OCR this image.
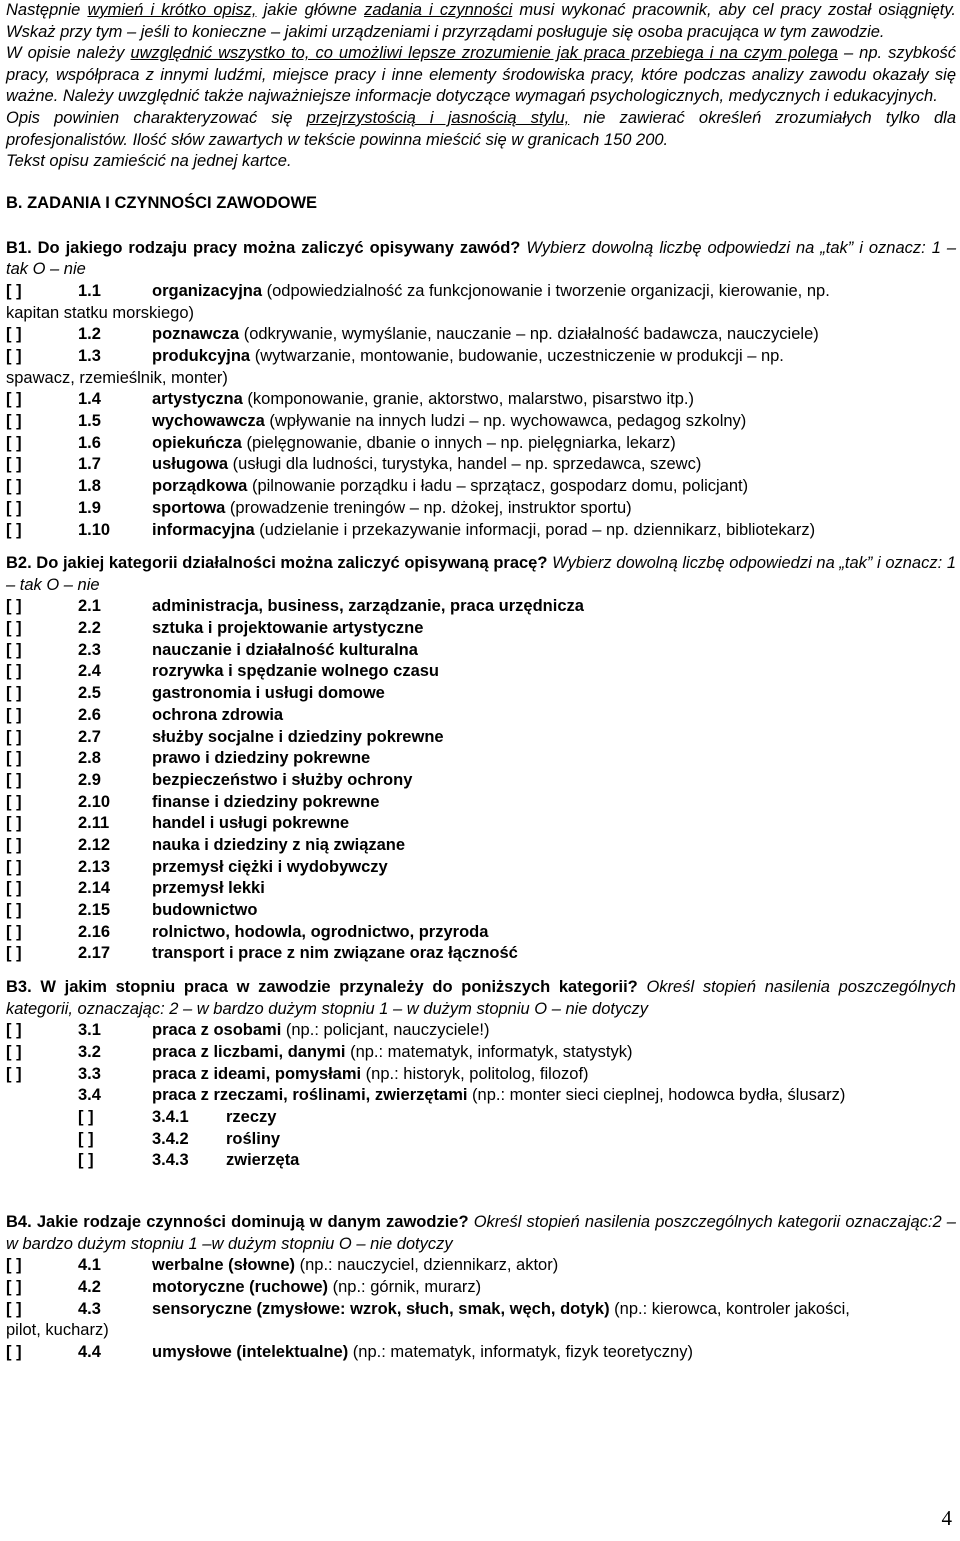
Następnie wymień i krótko opisz, jakie główne zadania i czynności musi wykonać pracownik, aby cel pracy został osiągnięty. Wskaż przy tym – jeśli to konieczne – jakimi urządzeniami i przyrządami posługuje się osoba pracująca w tym zawodzie.

W opisie należy uwzględnić wszystko to, co umożliwi lepsze zrozumienie jak praca przebiega i na czym polega – np. szybkość pracy, współpraca z innymi ludźmi, miejsce pracy i inne elementy środowiska pracy, które podczas analizy zawodu okazały się ważne. Należy uwzględnić także najważniejsze informacje dotyczące wymagań psychologicznych, medycznych i edukacyjnych.

Opis powinien charakteryzować się przejrzystością i jasnością stylu, nie zawierać określeń zrozumiałych tylko dla profesjonalistów. Ilość słów zawartych w tekście powinna mieścić się w granicach 150 200.

Tekst opisu zamieścić na jednej kartce.

B. ZADANIA I CZYNNOŚCI ZAWODOWE

B1. Do jakiego rodzaju pracy można zaliczyć opisywany zawód? Wybierz dowolną liczbę odpowiedzi na „tak” i oznacz: 1 – tak O – nie

[ ]	1.1	organizacyjna (odpowiedzialność za funkcjonowanie i tworzenie organizacji, kierowanie, np.
kapitan statku morskiego)
[ ]	1.2	poznawcza (odkrywanie, wymyślanie, nauczanie – np. działalność badawcza, nauczyciele)
[ ]	1.3	produkcyjna (wytwarzanie, montowanie, budowanie, uczestniczenie w produkcji – np.
spawacz, rzemieślnik, monter)
[ ]	1.4	artystyczna (komponowanie, granie, aktorstwo, malarstwo, pisarstwo itp.)
[ ]	1.5	wychowawcza (wpływanie na innych ludzi – np. wychowawca, pedagog szkolny)
[ ]	1.6	opiekuńcza (pielęgnowanie, dbanie o innych – np. pielęgniarka, lekarz)
[ ]	1.7	usługowa (usługi dla ludności, turystyka, handel – np. sprzedawca, szewc)
[ ]	1.8	porządkowa (pilnowanie porządku i ładu – sprzątacz, gospodarz domu, policjant)
[ ]	1.9	sportowa (prowadzenie treningów – np. dżokej, instruktor sportu)
[ ]	1.10	informacyjna (udzielanie i przekazywanie informacji, porad – np. dziennikarz, bibliotekarz)

B2. Do jakiej kategorii działalności można zaliczyć opisywaną pracę? Wybierz dowolną liczbę odpowiedzi na „tak” i oznacz: 1 – tak O – nie

[ ]	2.1	administracja, business, zarządzanie, praca urzędnicza
[ ]	2.2	sztuka i projektowanie artystyczne
[ ]	2.3	nauczanie i działalność kulturalna
[ ]	2.4	rozrywka i spędzanie wolnego czasu
[ ]	2.5	gastronomia i usługi domowe
[ ]	2.6	ochrona zdrowia
[ ]	2.7	służby socjalne i dziedziny pokrewne
[ ]	2.8	prawo i dziedziny pokrewne
[ ]	2.9	bezpieczeństwo i służby ochrony
[ ]	2.10	finanse i dziedziny pokrewne
[ ]	2.11	handel i usługi pokrewne
[ ]	2.12	nauka i dziedziny z nią związane
[ ]	2.13	przemysł ciężki i wydobywczy
[ ]	2.14	przemysł lekki
[ ]	2.15	budownictwo
[ ]	2.16	rolnictwo, hodowla, ogrodnictwo, przyroda
[ ]	2.17	transport i prace z nim związane oraz łączność

B3. W jakim stopniu praca w zawodzie przynależy do poniższych kategorii? Określ stopień nasilenia poszczególnych kategorii, oznaczając: 2 – w bardzo dużym stopniu 1 – w dużym stopniu O – nie dotyczy

[ ]	3.1	praca z osobami (np.: policjant, nauczyciele!)
[ ]	3.2	praca z liczbami, danymi (np.: matematyk, informatyk, statystyk)
[ ]	3.3	praca z ideami, pomysłami (np.: historyk, politolog, filozof)
3.4	praca z rzeczami, roślinami, zwierzętami (np.: monter sieci cieplnej, hodowca bydła, ślusarz)
[ ]	3.4.1 rzeczy
[ ]	3.4.2 rośliny
[ ]	3.4.3 zwierzęta

B4. Jakie rodzaje czynności dominują w danym zawodzie? Określ stopień nasilenia poszczególnych kategorii oznaczając:2 – w bardzo dużym stopniu 1 –w dużym stopniu O – nie dotyczy

[ ]	4.1	werbalne (słowne) (np.: nauczyciel, dziennikarz, aktor)
[ ]	4.2	motoryczne (ruchowe) (np.: górnik, murarz)
[ ]	4.3	sensoryczne (zmysłowe: wzrok, słuch, smak, węch, dotyk) (np.: kierowca, kontroler jakości,
pilot, kucharz)
[ ]	4.4	umysłowe (intelektualne) (np.: matematyk, informatyk, fizyk teoretyczny)
4
